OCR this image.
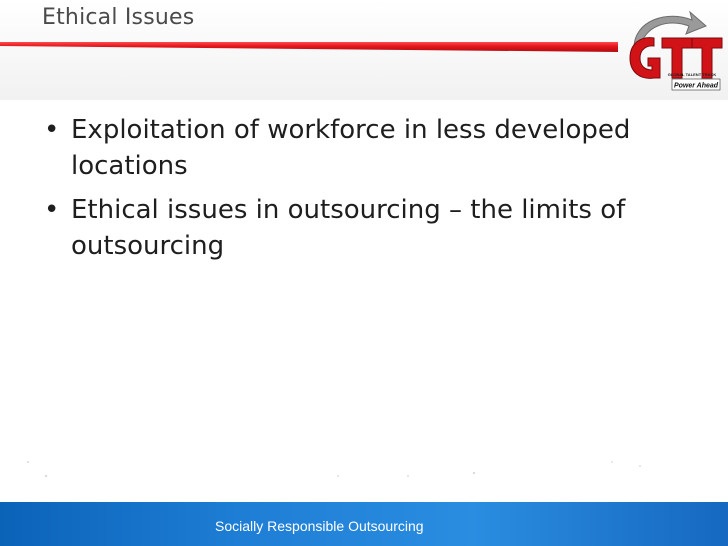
Ethical Issues
GLOBAL TALENT TRACK
Power Ahead
• Exploitation of workforce in less developed locations
• Ethical issues in outsourcing – the limits of outsourcing
Socially Responsible Outsourcing
